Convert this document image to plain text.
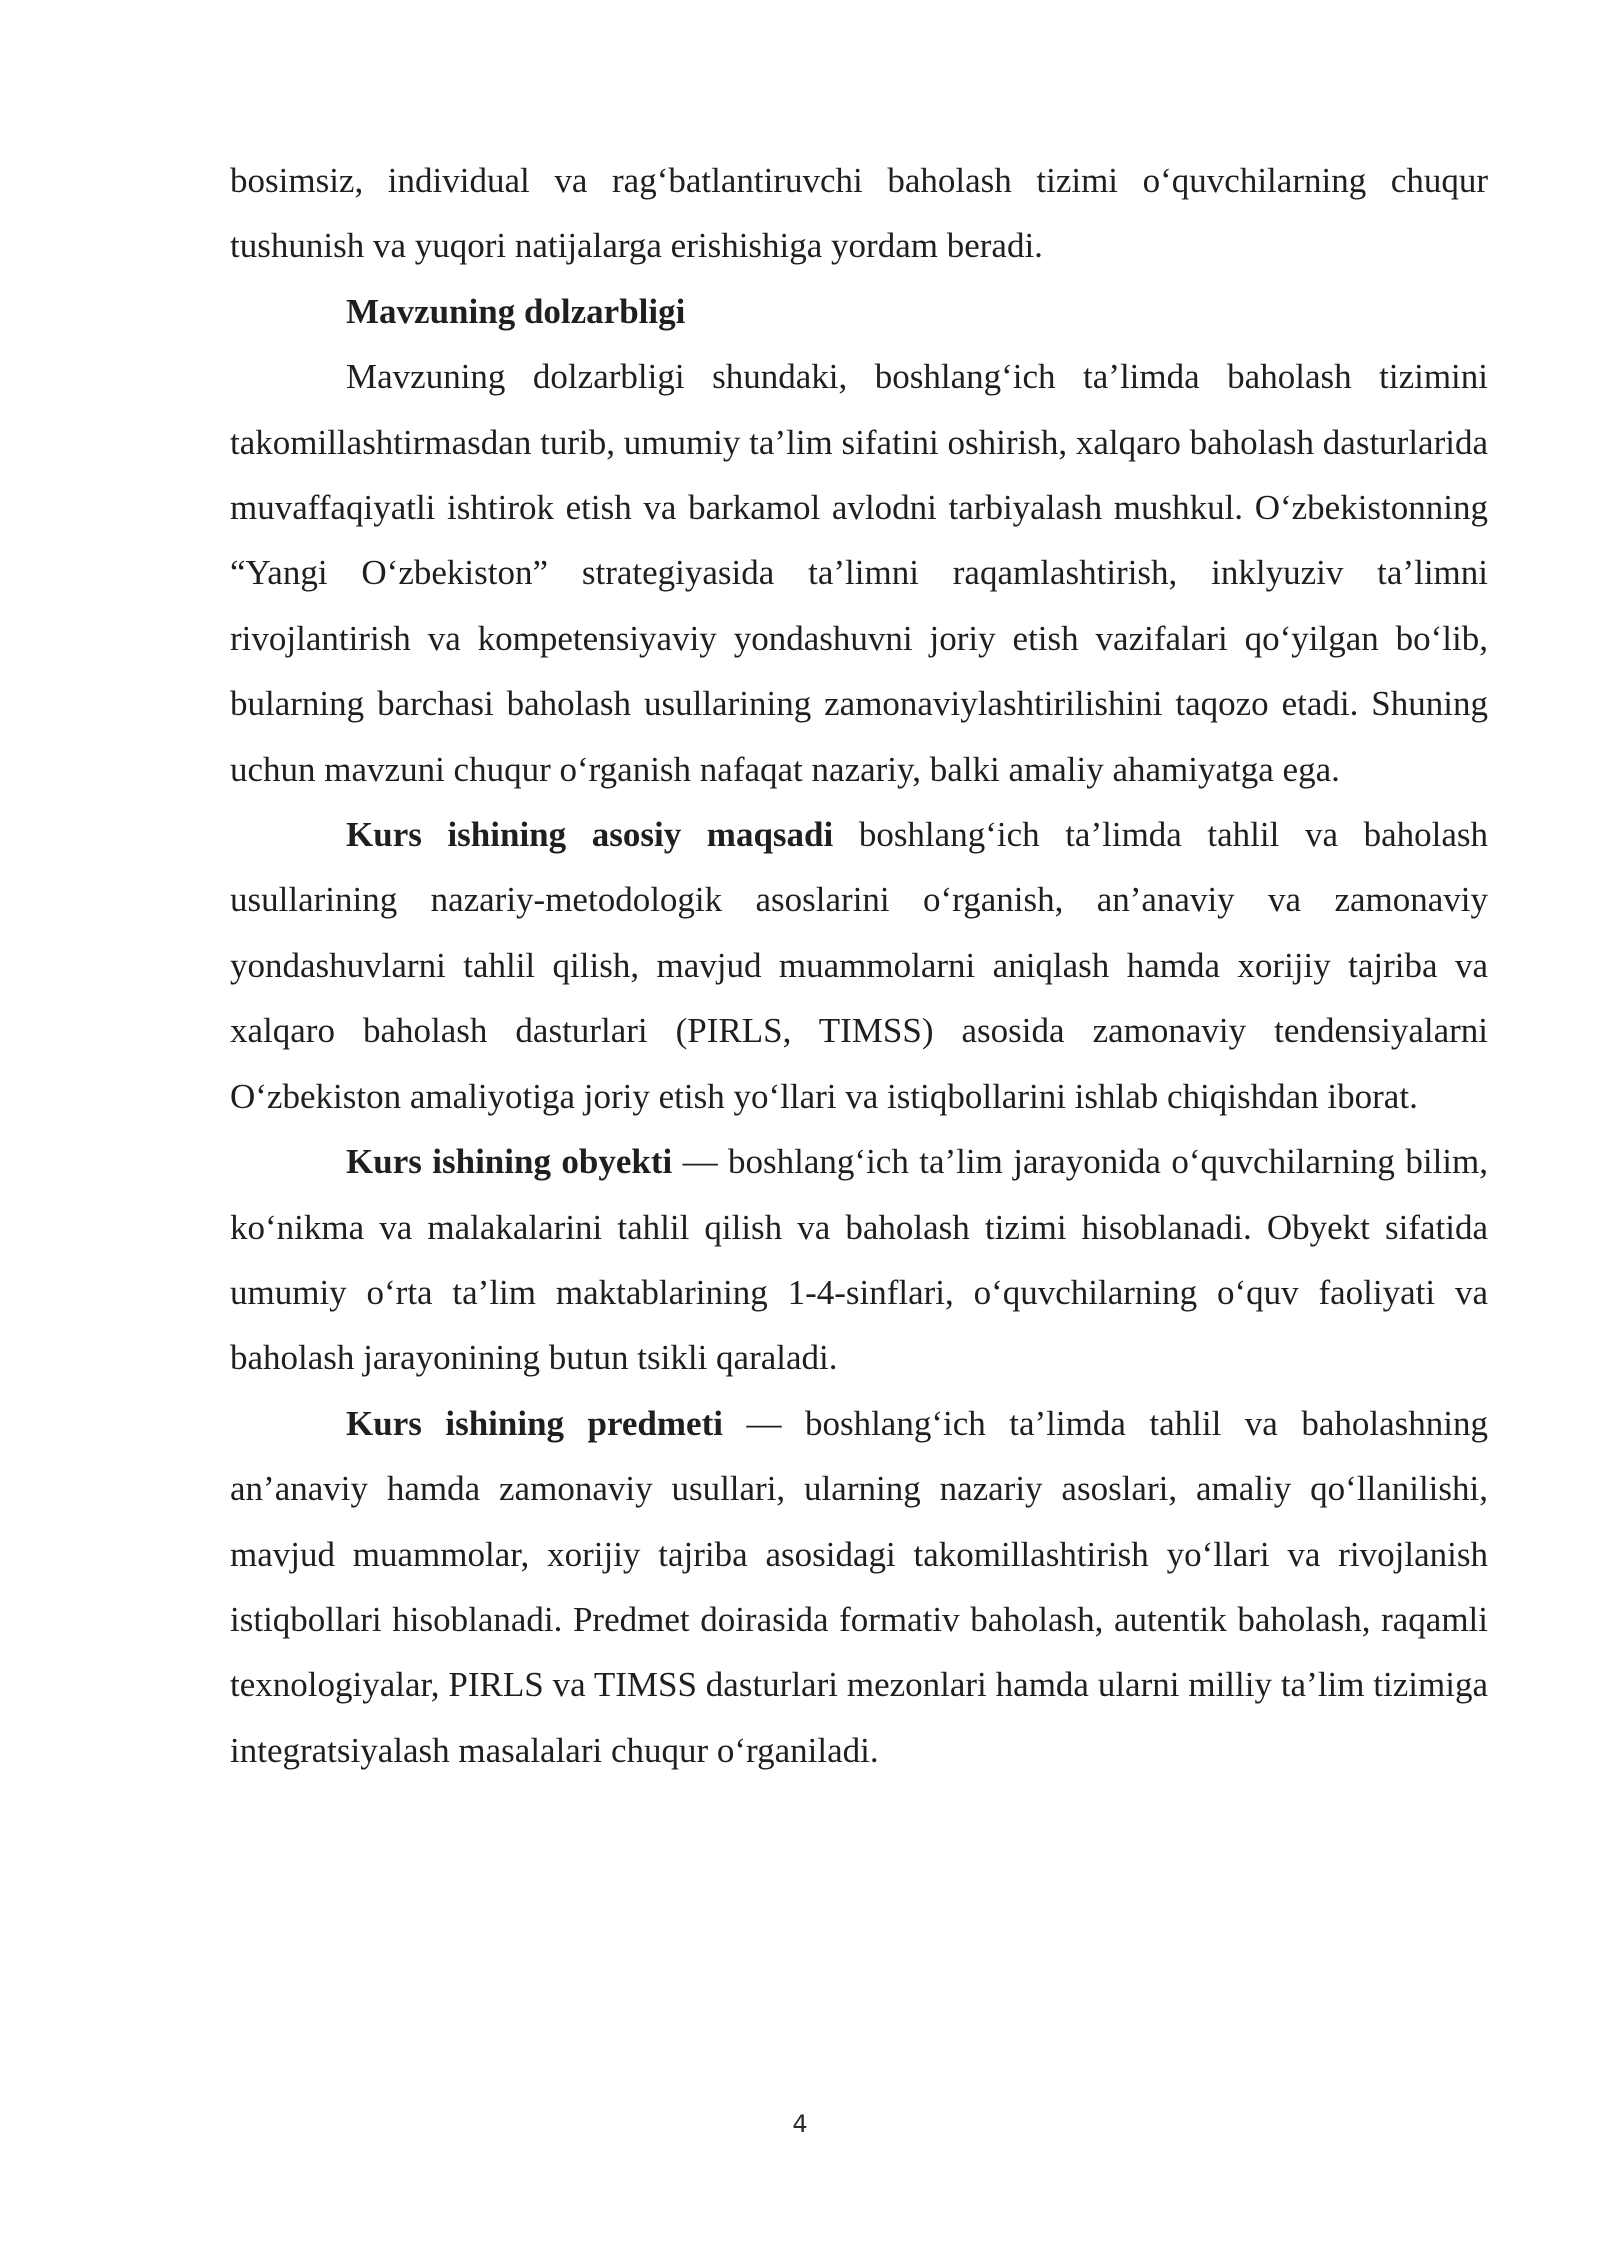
bosimsiz, individual va rag‘batlantiruvchi baholash tizimi o‘quvchilarning chuqur tushunish va yuqori natijalarga erishishiga yordam beradi.

Mavzuning dolzarbligi

Mavzuning dolzarbligi shundaki, boshlang‘ich ta’limda baholash tizimini takomillashtirmasdan turib, umumiy ta’lim sifatini oshirish, xalqaro baholash dasturlarida muvaffaqiyatli ishtirok etish va barkamol avlodni tarbiyalash mushkul. O‘zbekistonning “Yangi O‘zbekiston” strategiyasida ta’limni raqamlashtirish, inklyuziv ta’limni rivojlantirish va kompetensiyaviy yondashuvni joriy etish vazifalari qo‘yilgan bo‘lib, bularning barchasi baholash usullarining zamonaviylashtirilishini taqozo etadi. Shuning uchun mavzuni chuqur o‘rganish nafaqat nazariy, balki amaliy ahamiyatga ega.

Kurs ishining asosiy maqsadi boshlang‘ich ta’limda tahlil va baholash usullarining nazariy-metodologik asoslarini o‘rganish, an’anaviy va zamonaviy yondashuvlarni tahlil qilish, mavjud muammolarni aniqlash hamda xorijiy tajriba va xalqaro baholash dasturlari (PIRLS, TIMSS) asosida zamonaviy tendensiyalarni O‘zbekiston amaliyotiga joriy etish yo‘llari va istiqbollarini ishlab chiqishdan iborat.

Kurs ishining obyekti — boshlang‘ich ta’lim jarayonida o‘quvchilarning bilim, ko‘nikma va malakalarini tahlil qilish va baholash tizimi hisoblanadi. Obyekt sifatida umumiy o‘rta ta’lim maktablarining 1-4-sinflari, o‘quvchilarning o‘quv faoliyati va baholash jarayonining butun tsikli qaraladi.

Kurs ishining predmeti — boshlang‘ich ta’limda tahlil va baholashning an’anaviy hamda zamonaviy usullari, ularning nazariy asoslari, amaliy qo‘llanilishi, mavjud muammolar, xorijiy tajriba asosidagi takomillashtirish yo‘llari va rivojlanish istiqbollari hisoblanadi. Predmet doirasida formativ baholash, autentik baholash, raqamli texnologiyalar, PIRLS va TIMSS dasturlari mezonlari hamda ularni milliy ta’lim tizimiga integratsiyalash masalalari chuqur o‘rganiladi.

4
